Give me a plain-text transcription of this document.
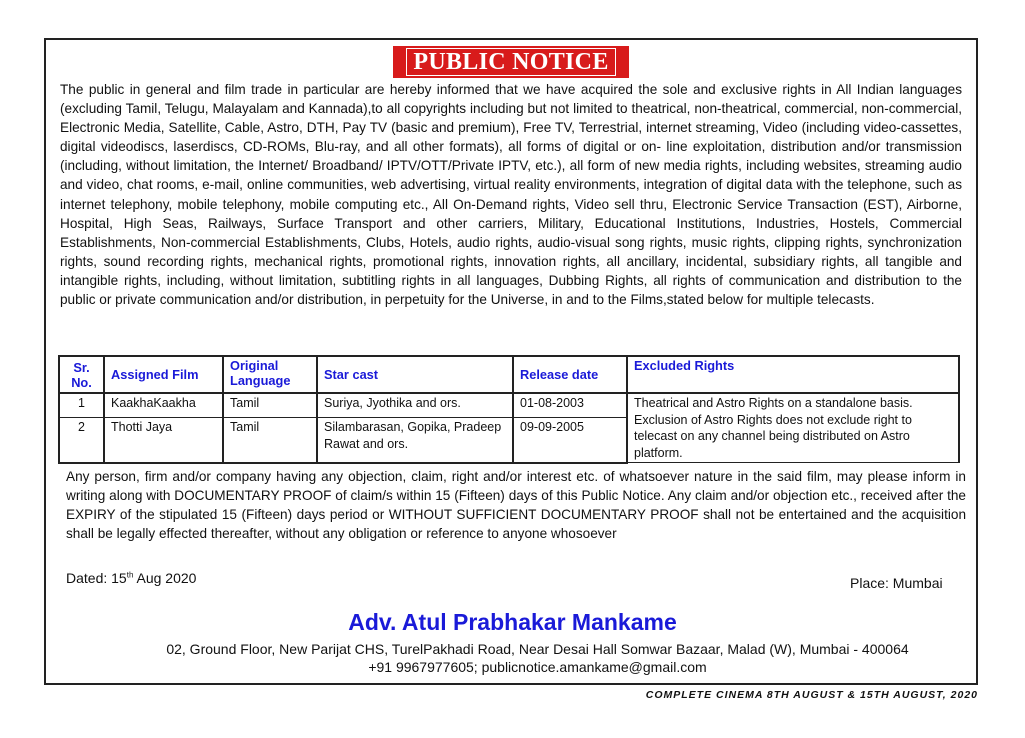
PUBLIC NOTICE
The public in general and film trade in particular are hereby informed that we have acquired the sole and exclusive rights in All Indian languages (excluding Tamil, Telugu, Malayalam and Kannada),to all copyrights including but not limited to theatrical, non-theatrical, commercial, non-commercial, Electronic Media, Satellite, Cable, Astro, DTH, Pay TV (basic and premium), Free TV, Terrestrial, internet streaming, Video (including video-cassettes, digital videodiscs, laserdiscs, CD-ROMs, Blu-ray, and all other formats), all forms of digital or on- line exploitation, distribution and/or transmission (including, without limitation, the Internet/ Broadband/ IPTV/OTT/Private IPTV, etc.), all form of new media rights, including websites, streaming audio and video, chat rooms, e-mail, online communities, web advertising, virtual reality environments, integration of digital data with the telephone, such as internet telephony, mobile telephony, mobile computing etc., All On-Demand rights, Video sell thru, Electronic Service Transaction (EST), Airborne, Hospital, High Seas, Railways, Surface Transport and other carriers, Military, Educational Institutions, Industries, Hostels, Commercial Establishments, Non-commercial Establishments, Clubs, Hotels, audio rights, audio-visual song rights, music rights, clipping rights, synchronization rights, sound recording rights, mechanical rights, promotional rights, innovation rights, all ancillary, incidental, subsidiary rights, all tangible and intangible rights, including, without limitation, subtitling rights in all languages, Dubbing Rights, all rights of communication and distribution to the public or private communication and/or distribution, in perpetuity for the Universe, in and to the Films,stated below for multiple telecasts.
Sr. No.	Assigned Film	Original Language	Star cast	Release date	Excluded Rights
1	KaakhaKaakha	Tamil	Suriya, Jyothika and ors.	01-08-2003	Theatrical and Astro Rights on a standalone basis. Exclusion of Astro Rights does not exclude right to telecast on any channel being distributed on Astro platform.
2	Thotti Jaya	Tamil	Silambarasan, Gopika, Pradeep Rawat and ors.	09-09-2005	
Any person, firm and/or company having any objection, claim, right and/or interest etc. of whatsoever nature in the said film, may please inform in writing along with DOCUMENTARY PROOF of claim/s within 15 (Fifteen) days of this Public Notice. Any claim and/or objection etc., received after the EXPIRY of the stipulated 15 (Fifteen) days period or WITHOUT SUFFICIENT DOCUMENTARY PROOF shall not be entertained and the acquisition shall be legally effected thereafter, without any obligation or reference to anyone whosoever
Dated: 15th Aug 2020	Place: Mumbai
Adv. Atul Prabhakar Mankame
02, Ground Floor, New Parijat CHS, TurelPakhadi Road, Near Desai Hall Somwar Bazaar, Malad (W), Mumbai - 400064
+91 9967977605; publicnotice.amankame@gmail.com
COMPLETE CINEMA 8TH AUGUST & 15TH AUGUST, 2020
